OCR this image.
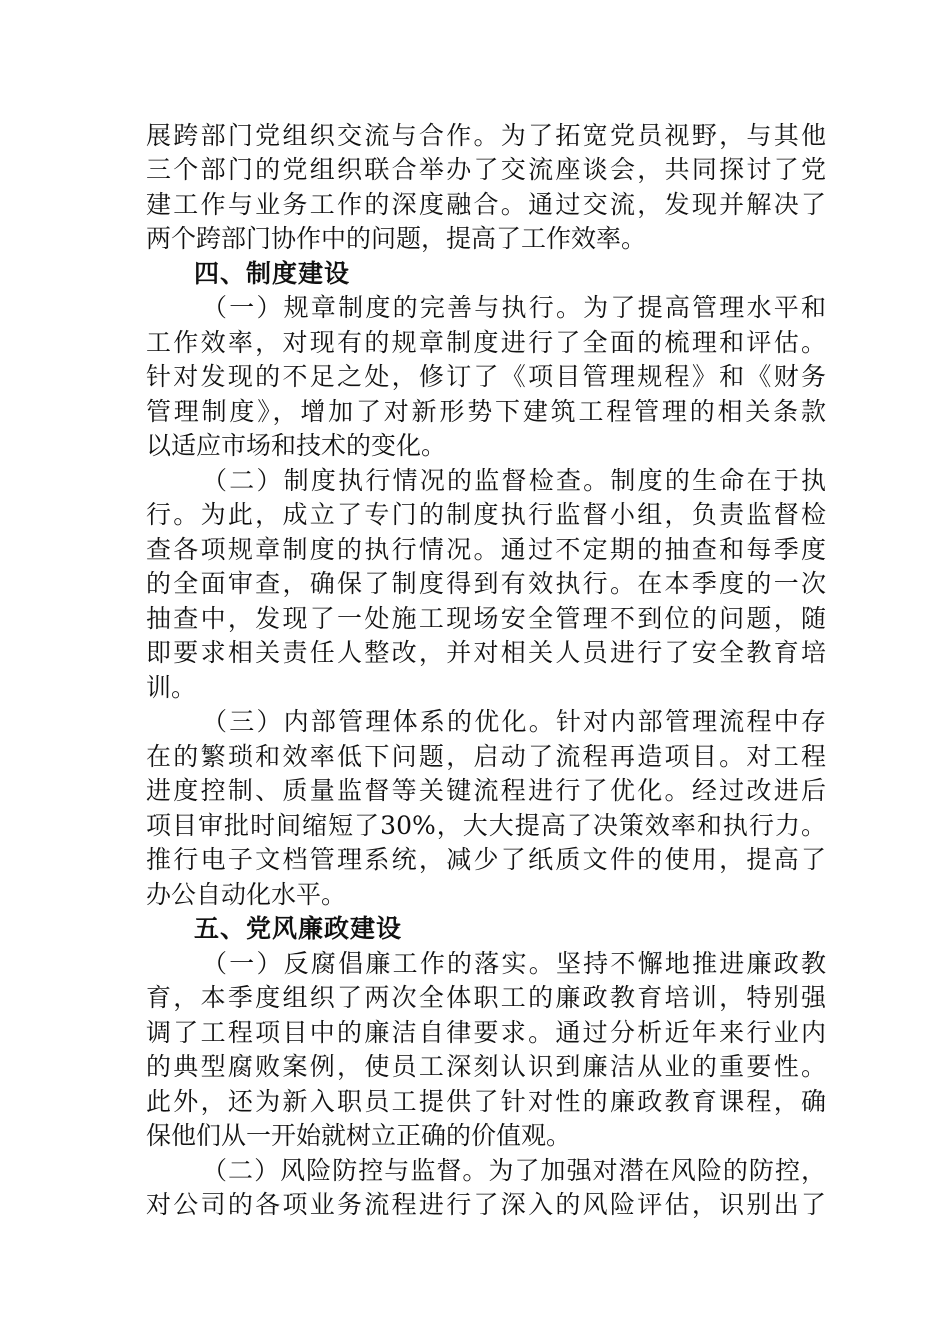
展跨部门党组织交流与合作。为了拓宽党员视野，与其他
三个部门的党组织联合举办了交流座谈会，共同探讨了党
建工作与业务工作的深度融合。通过交流，发现并解决了
两个跨部门协作中的问题，提高了工作效率。
四、制度建设
（一）规章制度的完善与执行。为了提高管理水平和
工作效率，对现有的规章制度进行了全面的梳理和评估。
针对发现的不足之处，修订了《项目管理规程》和《财务
管理制度》，增加了对新形势下建筑工程管理的相关条款
以适应市场和技术的变化。
（二）制度执行情况的监督检查。制度的生命在于执
行。为此，成立了专门的制度执行监督小组，负责监督检
查各项规章制度的执行情况。通过不定期的抽查和每季度
的全面审查，确保了制度得到有效执行。在本季度的一次
抽查中，发现了一处施工现场安全管理不到位的问题，随
即要求相关责任人整改，并对相关人员进行了安全教育培
训。
（三）内部管理体系的优化。针对内部管理流程中存
在的繁琐和效率低下问题，启动了流程再造项目。对工程
进度控制、质量监督等关键流程进行了优化。经过改进后
项目审批时间缩短了30%，大大提高了决策效率和执行力。
推行电子文档管理系统，减少了纸质文件的使用，提高了
办公自动化水平。
五、党风廉政建设
（一）反腐倡廉工作的落实。坚持不懈地推进廉政教
育，本季度组织了两次全体职工的廉政教育培训，特别强
调了工程项目中的廉洁自律要求。通过分析近年来行业内
的典型腐败案例，使员工深刻认识到廉洁从业的重要性。
此外，还为新入职员工提供了针对性的廉政教育课程，确
保他们从一开始就树立正确的价值观。
（二）风险防控与监督。为了加强对潜在风险的防控，
对公司的各项业务流程进行了深入的风险评估，识别出了
